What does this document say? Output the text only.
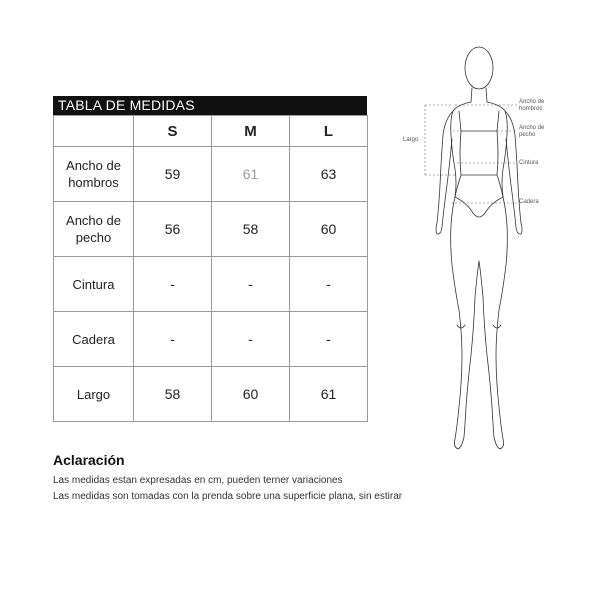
TABLA DE MEDIDAS
	S	M	L
Ancho de
hombros	59	61	63
Ancho de
pecho	56	58	60
Cintura	-	-	-
Cadera	-	-	-
Largo	58	60	61
Aclaración
Las medidas estan expresadas en cm, pueden terner variaciones
Las medidas son tomadas con la prenda sobre una superficie plana, sin estirar
Ancho de
hombros
Ancho de
pecho
Cintura
Cadera
Largo
